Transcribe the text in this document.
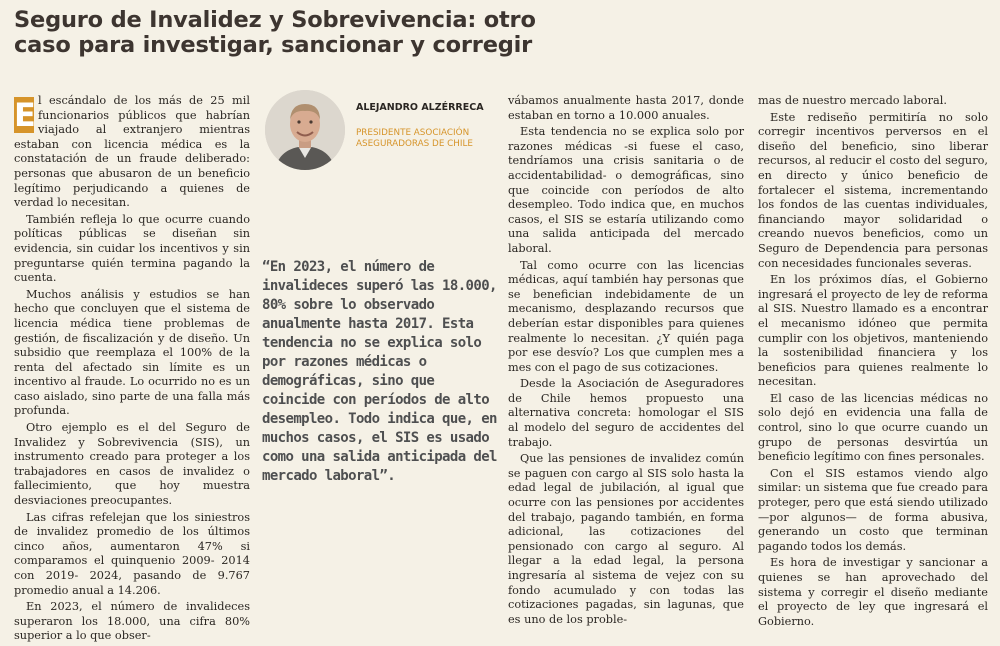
Seguro de Invalidez y Sobrevivencia: otro caso para investigar, sancionar y corregir

E l escándalo de los más de 25 mil funcionarios públicos que habrían viajado al extranjero mientras estaban con licencia médica es la constatación de un fraude deliberado: personas que abusaron de un beneficio legítimo perjudicando a quienes de verdad lo necesitan.

También refleja lo que ocurre cuando políticas públicas se diseñan sin evidencia, sin cuidar los incentivos y sin preguntarse quién termina pagando la cuenta.

Muchos análisis y estudios se han hecho que concluyen que el sistema de licencia médica tiene problemas de gestión, de fiscalización y de diseño. Un subsidio que reemplaza el 100% de la renta del afectado sin límite es un incentivo al fraude. Lo ocurrido no es un caso aislado, sino parte de una falla más profunda.

Otro ejemplo es el del Seguro de Invalidez y Sobrevivencia (SIS), un instrumento creado para proteger a los trabajadores en casos de invalidez o fallecimiento, que hoy muestra desviaciones preocupantes.

Las cifras refelejan que los siniestros de invalidez promedio de los últimos cinco años, aumentaron 47% si comparamos el quinquenio 2009- 2014 con 2019- 2024, pasando de 9.767 promedio anual a 14.206.

En 2023, el número de invalideces superaron los 18.000, una cifra 80% superior a lo que obser-

ALEJANDRO ALZÉRRECA
PRESIDENTE ASOCIACIÓN ASEGURADORAS DE CHILE

“En 2023, el número de invalideces superó las 18.000, 80% sobre lo observado anualmente hasta 2017. Esta tendencia no se explica solo por razones médicas o demográficas, sino que coincide con períodos de alto desempleo. Todo indica que, en muchos casos, el SIS es usado como una salida anticipada del mercado laboral”.

vábamos anualmente hasta 2017, donde estaban en torno a 10.000 anuales.

Esta tendencia no se explica solo por razones médicas -si fuese el caso, tendríamos una crisis sanitaria o de accidentabilidad- o demográficas, sino que coincide con períodos de alto desempleo. Todo indica que, en muchos casos, el SIS se estaría utilizando como una salida anticipada del mercado laboral.

Tal como ocurre con las licencias médicas, aquí también hay personas que se benefician indebidamente de un mecanismo, desplazando recursos que deberían estar disponibles para quienes realmente lo necesitan. ¿Y quién paga por ese desvío? Los que cumplen mes a mes con el pago de sus cotizaciones.

Desde la Asociación de Aseguradores de Chile hemos propuesto una alternativa concreta: homologar el SIS al modelo del seguro de accidentes del trabajo.

Que las pensiones de invalidez común se paguen con cargo al SIS solo hasta la edad legal de jubilación, al igual que ocurre con las pensiones por accidentes del trabajo, pagando también, en forma adicional, las cotizaciones del pensionado con cargo al seguro. Al llegar a la edad legal, la persona ingresaría al sistema de vejez con su fondo acumulado y con todas las cotizaciones pagadas, sin lagunas, que es uno de los proble-

mas de nuestro mercado laboral.

Este rediseño permitiría no solo corregir incentivos perversos en el diseño del beneficio, sino liberar recursos, al reducir el costo del seguro, en directo y único beneficio de fortalecer el sistema, incrementando los fondos de las cuentas individuales, financiando mayor solidaridad o creando nuevos beneficios, como un Seguro de Dependencia para personas con necesidades funcionales severas.

En los próximos días, el Gobierno ingresará el proyecto de ley de reforma al SIS. Nuestro llamado es a encontrar el mecanismo idóneo que permita cumplir con los objetivos, manteniendo la sostenibilidad financiera y los beneficios para quienes realmente lo necesitan.

El caso de las licencias médicas no solo dejó en evidencia una falla de control, sino lo que ocurre cuando un grupo de personas desvirtúa un beneficio legítimo con fines personales.

Con el SIS estamos viendo algo similar: un sistema que fue creado para proteger, pero que está siendo utilizado —por algunos— de forma abusiva, generando un costo que terminan pagando todos los demás.

Es hora de investigar y sancionar a quienes se han aprovechado del sistema y corregir el diseño mediante el proyecto de ley que ingresará el Gobierno.
